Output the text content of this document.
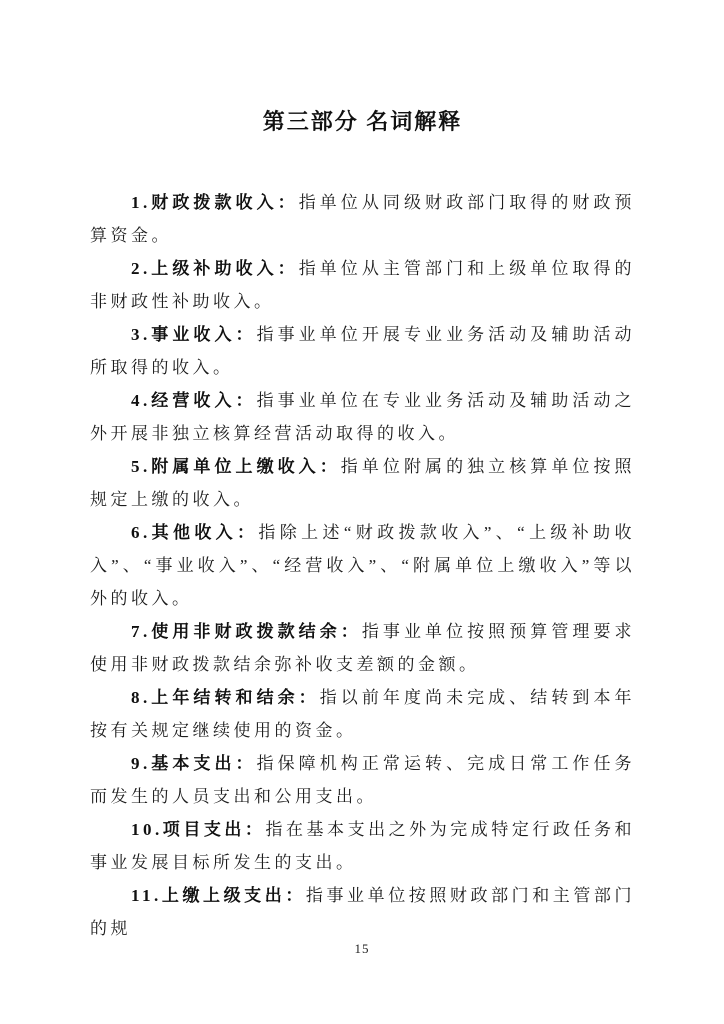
第三部分 名词解释

1.财政拨款收入：指单位从同级财政部门取得的财政预算资金。

2.上级补助收入：指单位从主管部门和上级单位取得的非财政性补助收入。

3.事业收入：指事业单位开展专业业务活动及辅助活动所取得的收入。

4.经营收入：指事业单位在专业业务活动及辅助活动之外开展非独立核算经营活动取得的收入。

5.附属单位上缴收入：指单位附属的独立核算单位按照规定上缴的收入。

6.其他收入：指除上述“财政拨款收入”、“上级补助收入”、“事业收入”、“经营收入”、“附属单位上缴收入”等以外的收入。

7.使用非财政拨款结余：指事业单位按照预算管理要求使用非财政拨款结余弥补收支差额的金额。

8.上年结转和结余：指以前年度尚未完成、结转到本年按有关规定继续使用的资金。

9.基本支出：指保障机构正常运转、完成日常工作任务而发生的人员支出和公用支出。

10.项目支出：指在基本支出之外为完成特定行政任务和事业发展目标所发生的支出。

11.上缴上级支出：指事业单位按照财政部门和主管部门的规

15
